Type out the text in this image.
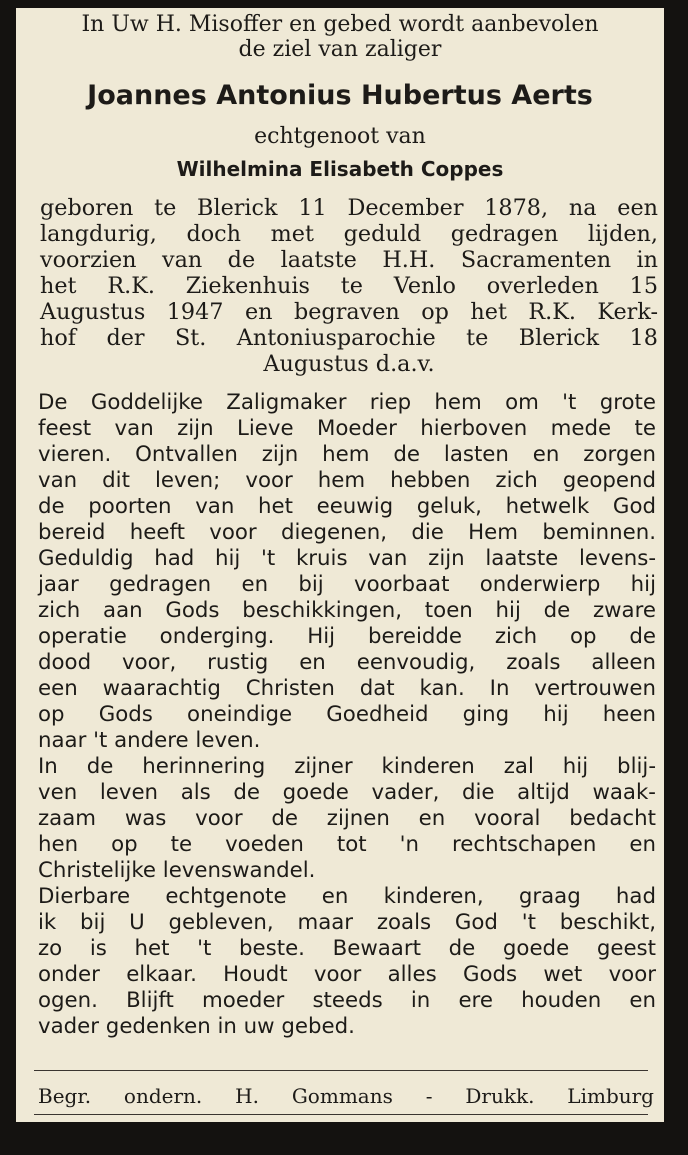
In Uw H. Misoffer en gebed wordt aanbevolen
de ziel van zaliger
Joannes Antonius Hubertus Aerts
echtgenoot van
Wilhelmina Elisabeth Coppes
geboren te Blerick 11 December 1878, na een
langdurig, doch met geduld gedragen lijden,
voorzien van de laatste H.H. Sacramenten in
het R.K. Ziekenhuis te Venlo overleden 15
Augustus 1947 en begraven op het R.K. Kerk-
hof der St. Antoniusparochie te Blerick 18
Augustus d.a.v.
De Goddelijke Zaligmaker riep hem om 't grote
feest van zijn Lieve Moeder hierboven mede te
vieren. Ontvallen zijn hem de lasten en zorgen
van dit leven; voor hem hebben zich geopend
de poorten van het eeuwig geluk, hetwelk God
bereid heeft voor diegenen, die Hem beminnen.
Geduldig had hij 't kruis van zijn laatste levens-
jaar gedragen en bij voorbaat onderwierp hij
zich aan Gods beschikkingen, toen hij de zware
operatie onderging. Hij bereidde zich op de
dood voor, rustig en eenvoudig, zoals alleen
een waarachtig Christen dat kan. In vertrouwen
op Gods oneindige Goedheid ging hij heen
naar 't andere leven.
In de herinnering zijner kinderen zal hij blij-
ven leven als de goede vader, die altijd waak-
zaam was voor de zijnen en vooral bedacht
hen op te voeden tot 'n rechtschapen en
Christelijke levenswandel.
Dierbare echtgenote en kinderen, graag had
ik bij U gebleven, maar zoals God 't beschikt,
zo is het 't beste. Bewaart de goede geest
onder elkaar. Houdt voor alles Gods wet voor
ogen. Blijft moeder steeds in ere houden en
vader gedenken in uw gebed.
Begr. ondern. H. Gommans - Drukk. Limburg
